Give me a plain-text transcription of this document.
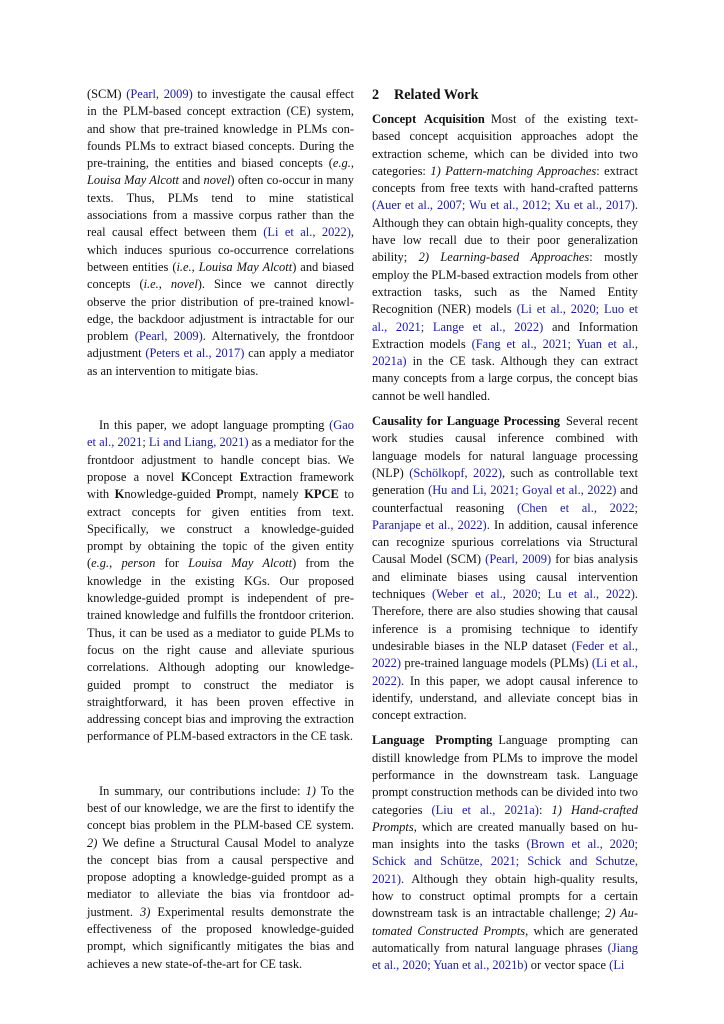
(SCM) (Pearl, 2009) to investigate the causal effect in the PLM-based concept extraction (CE) system, and show that pre-trained knowledge in PLMs confounds PLMs to extract biased concepts. During the pre-training, the entities and biased concepts (e.g., Louisa May Alcott and novel) often co-occur in many texts. Thus, PLMs tend to mine statistical associations from a massive corpus rather than the real causal effect between them (Li et al., 2022), which induces spurious co-occurrence correlations between entities (i.e., Louisa May Alcott) and biased concepts (i.e., novel). Since we cannot directly observe the prior distribution of pre-trained knowledge, the backdoor adjustment is intractable for our problem (Pearl, 2009). Alternatively, the frontdoor adjustment (Peters et al., 2017) can apply a mediator as an intervention to mitigate bias.

In this paper, we adopt language prompting (Gao et al., 2021; Li and Liang, 2021) as a mediator for the frontdoor adjustment to handle concept bias. We propose a novel KConcept Extraction framework with Knowledge-guided Prompt, namely KPCE to extract concepts for given entities from text. Specifically, we construct a knowledge-guided prompt by obtaining the topic of the given entity (e.g., person for Louisa May Alcott) from the knowledge in the existing KGs. Our proposed knowledge-guided prompt is independent of pretrained knowledge and fulfills the frontdoor criterion. Thus, it can be used as a mediator to guide PLMs to focus on the right cause and alleviate spurious correlations. Although adopting our knowledge-guided prompt to construct the mediator is straightforward, it has been proven effective in addressing concept bias and improving the extraction performance of PLM-based extractors in the CE task.

In summary, our contributions include: 1) To the best of our knowledge, we are the first to identify the concept bias problem in the PLM-based CE system. 2) We define a Structural Causal Model to analyze the concept bias from a causal perspective and propose adopting a knowledge-guided prompt as a mediator to alleviate the bias via frontdoor adjustment. 3) Experimental results demonstrate the effectiveness of the proposed knowledge-guided prompt, which significantly mitigates the bias and achieves a new state-of-the-art for CE task.

2 Related Work

Concept Acquisition Most of the existing text-based concept acquisition approaches adopt the extraction scheme, which can be divided into two categories: 1) Pattern-matching Approaches: extract concepts from free texts with hand-crafted patterns (Auer et al., 2007; Wu et al., 2012; Xu et al., 2017). Although they can obtain high-quality concepts, they have low recall due to their poor generalization ability; 2) Learning-based Approaches: mostly employ the PLM-based extraction models from other extraction tasks, such as the Named Entity Recognition (NER) models (Li et al., 2020; Luo et al., 2021; Lange et al., 2022) and Information Extraction models (Fang et al., 2021; Yuan et al., 2021a) in the CE task. Although they can extract many concepts from a large corpus, the concept bias cannot be well handled.

Causality for Language Processing Several recent work studies causal inference combined with language models for natural language processing (NLP) (Schölkopf, 2022), such as controllable text generation (Hu and Li, 2021; Goyal et al., 2022) and counterfactual reasoning (Chen et al., 2022; Paranjape et al., 2022). In addition, causal inference can recognize spurious correlations via Structural Causal Model (SCM) (Pearl, 2009) for bias analysis and eliminate biases using causal intervention techniques (Weber et al., 2020; Lu et al., 2022). Therefore, there are also studies showing that causal inference is a promising technique to identify undesirable biases in the NLP dataset (Feder et al., 2022) pre-trained language models (PLMs) (Li et al., 2022). In this paper, we adopt causal inference to identify, understand, and alleviate concept bias in concept extraction.

Language Prompting Language prompting can distill knowledge from PLMs to improve the model performance in the downstream task. Language prompt construction methods can be divided into two categories (Liu et al., 2021a): 1) Hand-crafted Prompts, which are created manually based on human insights into the tasks (Brown et al., 2020; Schick and Schütze, 2021; Schick and Schutze, 2021). Although they obtain high-quality results, how to construct optimal prompts for a certain downstream task is an intractable challenge; 2) Automated Constructed Prompts, which are generated automatically from natural language phrases (Jiang et al., 2020; Yuan et al., 2021b) or vector space (Li
